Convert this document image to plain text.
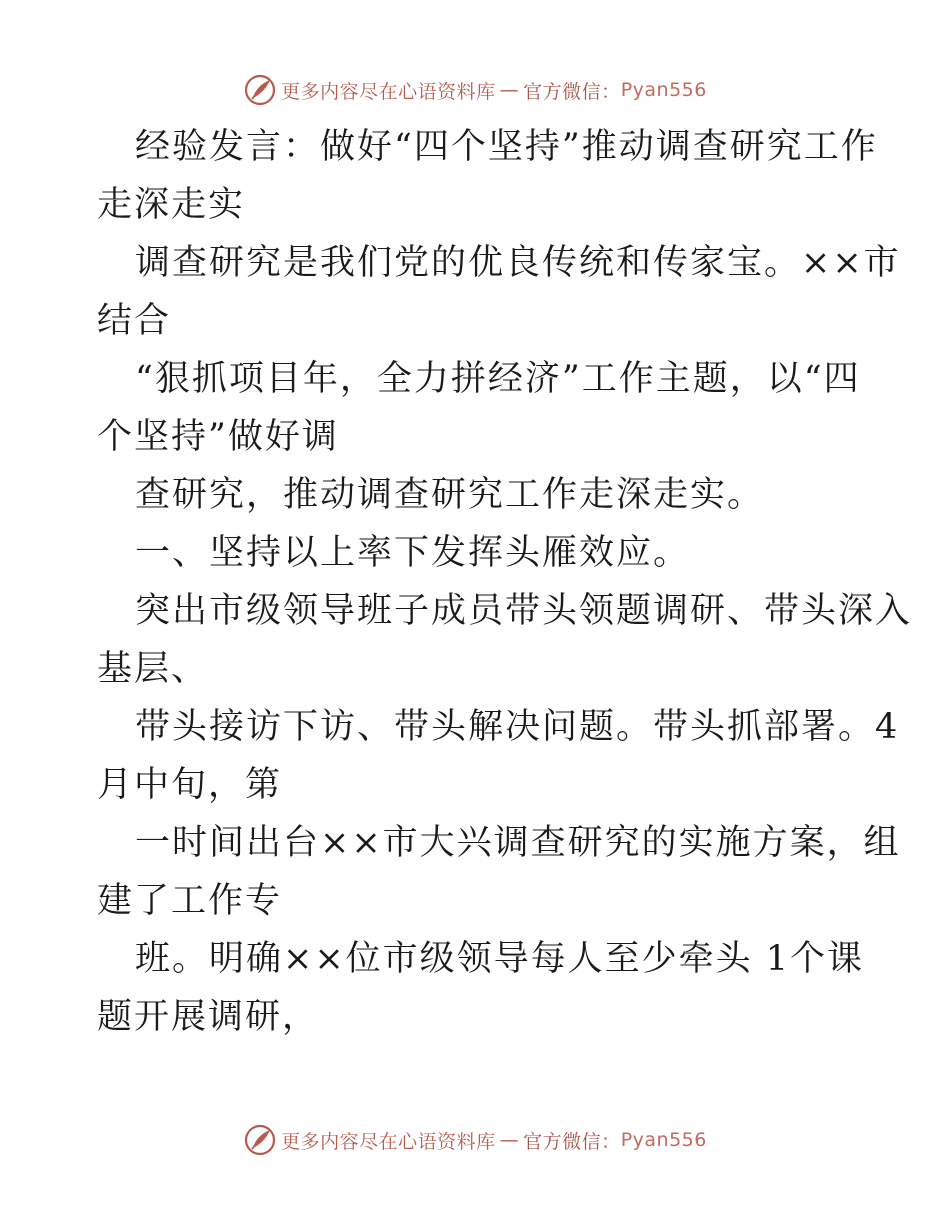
更多内容尽在心语资料库 — 官方微信： Pyan556
经验发言：做好“四个坚持”推动调查研究工作
走深走实
调查研究是我们党的优良传统和传家宝。××市
结合
“狠抓项目年，全力拼经济”工作主题，以“四
个坚持”做好调
查研究，推动调查研究工作走深走实。
一、坚持以上率下发挥头雁效应。
突出市级领导班子成员带头领题调研、带头深入
基层、
带头接访下访、带头解决问题。带头抓部署。4
月中旬，第
一时间出台××市大兴调查研究的实施方案，组
建了工作专
班。明确××位市级领导每人至少牵头 1个课
题开展调研，
更多内容尽在心语资料库 — 官方微信： Pyan556
